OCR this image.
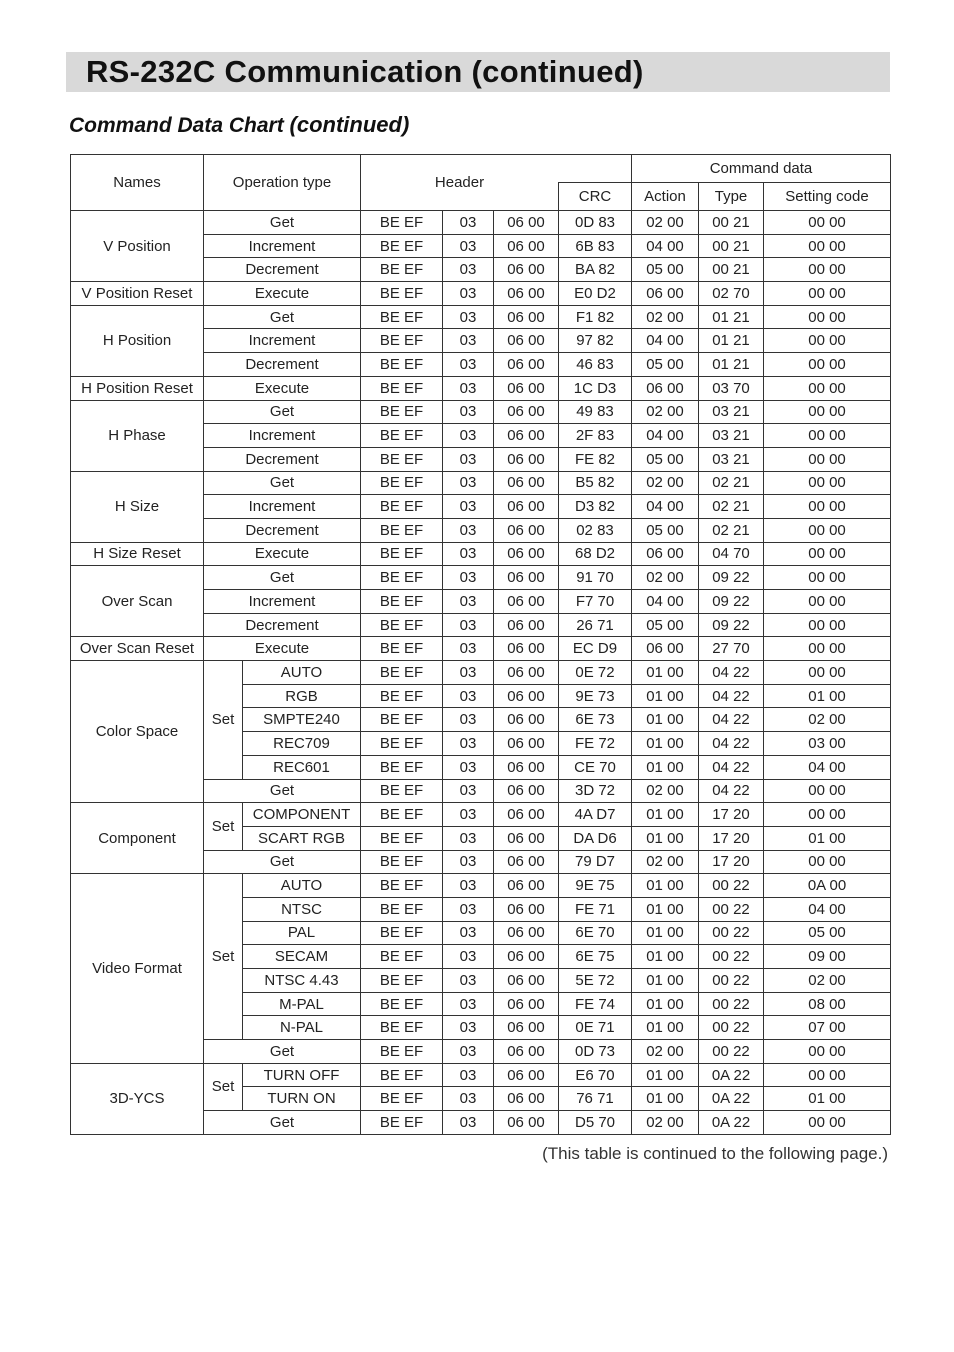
RS-232C Communication (continued)
Command Data Chart (continued)
Names	Operation type		Header				Command data		
						CRC	Action	Type	Setting code
V Position	Get		BE EF	03	06 00	0D 83	02 00	00 21	00 00
	Increment		BE EF	03	06 00	6B 83	04 00	00 21	00 00
	Decrement		BE EF	03	06 00	BA 82	05 00	00 21	00 00
V Position Reset	Execute		BE EF	03	06 00	E0 D2	06 00	02 70	00 00
H Position	Get		BE EF	03	06 00	F1 82	02 00	01 21	00 00
	Increment		BE EF	03	06 00	97 82	04 00	01 21	00 00
	Decrement		BE EF	03	06 00	46 83	05 00	01 21	00 00
H Position Reset	Execute		BE EF	03	06 00	1C D3	06 00	03 70	00 00
H Phase	Get		BE EF	03	06 00	49 83	02 00	03 21	00 00
	Increment		BE EF	03	06 00	2F 83	04 00	03 21	00 00
	Decrement		BE EF	03	06 00	FE 82	05 00	03 21	00 00
H Size	Get		BE EF	03	06 00	B5 82	02 00	02 21	00 00
	Increment		BE EF	03	06 00	D3 82	04 00	02 21	00 00
	Decrement		BE EF	03	06 00	02 83	05 00	02 21	00 00
H Size Reset	Execute		BE EF	03	06 00	68 D2	06 00	04 70	00 00
Over Scan	Get		BE EF	03	06 00	91 70	02 00	09 22	00 00
	Increment		BE EF	03	06 00	F7 70	04 00	09 22	00 00
	Decrement		BE EF	03	06 00	26 71	05 00	09 22	00 00
Over Scan Reset	Execute		BE EF	03	06 00	EC D9	06 00	27 70	00 00
Color Space	Set	AUTO	BE EF	03	06 00	0E 72	01 00	04 22	00 00
		RGB	BE EF	03	06 00	9E 73	01 00	04 22	01 00
		SMPTE240	BE EF	03	06 00	6E 73	01 00	04 22	02 00
		REC709	BE EF	03	06 00	FE 72	01 00	04 22	03 00
		REC601	BE EF	03	06 00	CE 70	01 00	04 22	04 00
	Get		BE EF	03	06 00	3D 72	02 00	04 22	00 00
Component	Set	COMPONENT	BE EF	03	06 00	4A D7	01 00	17 20	00 00
		SCART RGB	BE EF	03	06 00	DA D6	01 00	17 20	01 00
	Get		BE EF	03	06 00	79 D7	02 00	17 20	00 00
Video Format	Set	AUTO	BE EF	03	06 00	9E 75	01 00	00 22	0A 00
		NTSC	BE EF	03	06 00	FE 71	01 00	00 22	04 00
		PAL	BE EF	03	06 00	6E 70	01 00	00 22	05 00
		SECAM	BE EF	03	06 00	6E 75	01 00	00 22	09 00
		NTSC 4.43	BE EF	03	06 00	5E 72	01 00	00 22	02 00
		M-PAL	BE EF	03	06 00	FE 74	01 00	00 22	08 00
		N-PAL	BE EF	03	06 00	0E 71	01 00	00 22	07 00
	Get		BE EF	03	06 00	0D 73	02 00	00 22	00 00
3D-YCS	Set	TURN OFF	BE EF	03	06 00	E6 70	01 00	0A 22	00 00
		TURN ON	BE EF	03	06 00	76 71	01 00	0A 22	01 00
	Get		BE EF	03	06 00	D5 70	02 00	0A 22	00 00
(This table is continued to the following page.)
